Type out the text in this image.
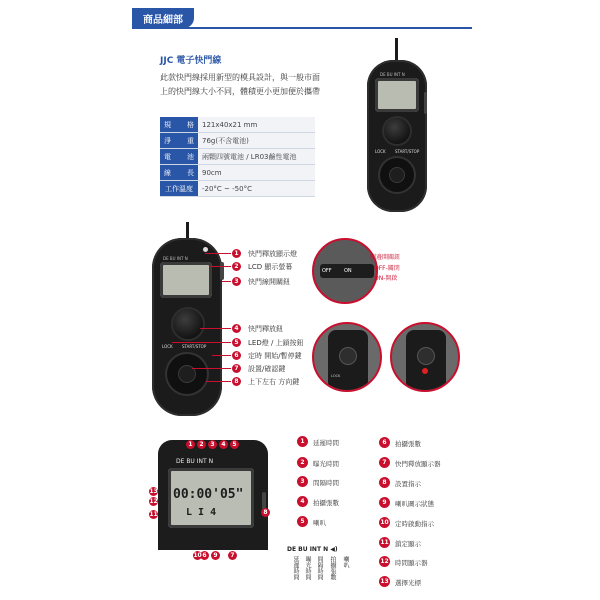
商品細部
JJC 電子快門線
此款快門線採用新型的模具設計，與一般市面
上的快門線大小不同，體積更小更加便於攜帶
規 格	121x40x21 mm
淨 重	76g(不含電池)
電 池	兩顆四號電池 / LR03鹼性電池
線 長	90cm
工作溫度	-20°C ~ -50°C
DE BU INT N
LOCK START/STOP
DE BU INT N
LOCK START/STOP
1	快門釋放顯示燈
2	LCD 顯示螢幕
3	快門線開關鈕
4	快門釋放鈕
5	LED燈 / 上鎖按鈕
6	定時 開始/暫停鍵
7	設置/確認鍵
8	上下左右 方向鍵
OFF ON
側邊開關鈕
OFF-關閉
ON-開啟
LOCK
DE BU INT N
00:00'05"
L I 4
1	2	3	4	5
6	7
8
9
10
11
12
13
1	延遲時間
2	曝光時間
3	間隔時間
4	拍攝張數
5	喇叭
6	拍攝張數
7	快門釋放顯示器
8	設置指示
9	喇叭圖示狀態
10 定時啟動指示
11 鎖定顯示
12 時間顯示器
13 選擇光標
DE BU INT N ◀)
延遲時間 曝光時間 間隔時間 拍攝張數 喇叭
